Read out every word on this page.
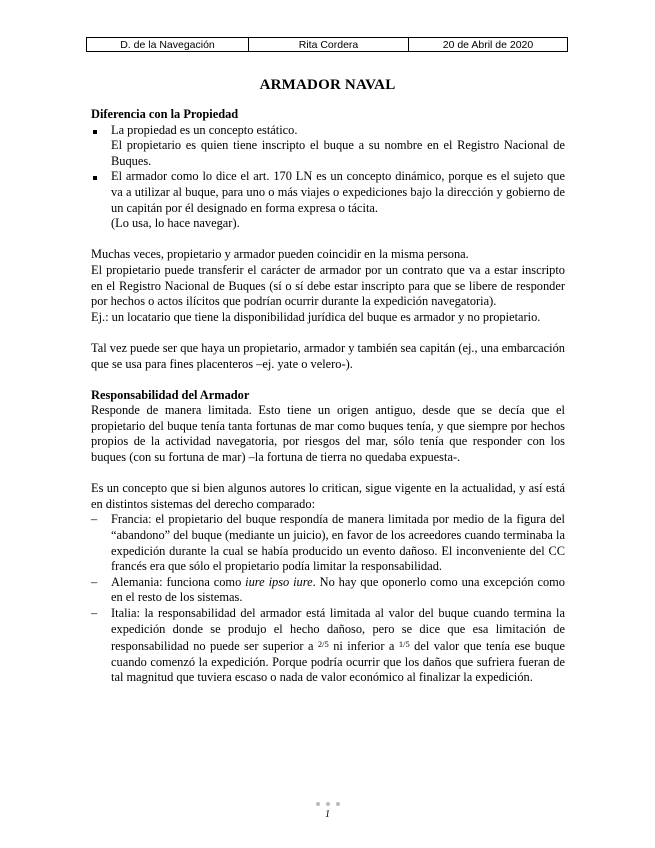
D. de la Navegación	Rita Cordera	20 de Abril de 2020
ARMADOR NAVAL

Diferencia con la Propiedad

La propiedad es un concepto estático.

El propietario es quien tiene inscripto el buque a su nombre en el Registro Nacional de Buques.

El armador como lo dice el art. 170 LN es un concepto dinámico, porque es el sujeto que va a utilizar al buque, para uno o más viajes o expediciones bajo la dirección y gobierno de un capitán por él designado en forma expresa o tácita.

(Lo usa, lo hace navegar).

Muchas veces, propietario y armador pueden coincidir en la misma persona.

El propietario puede transferir el carácter de armador por un contrato que va a estar inscripto en el Registro Nacional de Buques (sí o sí debe estar inscripto para que se libere de responder por hechos o actos ilícitos que podrían ocurrir durante la expedición navegatoria).

Ej.: un locatario que tiene la disponibilidad jurídica del buque es armador y no propietario.

Tal vez puede ser que haya un propietario, armador y también sea capitán (ej., una embarcación que se usa para fines placenteros –ej. yate o velero-).

Responsabilidad del Armador

Responde de manera limitada. Esto tiene un origen antiguo, desde que se decía que el propietario del buque tenía tanta fortunas de mar como buques tenía, y que siempre por hechos propios de la actividad navegatoria, por riesgos del mar, sólo tenía que responder con los buques (con su fortuna de mar) –la fortuna de tierra no quedaba expuesta-.

Es un concepto que si bien algunos autores lo critican, sigue vigente en la actualidad, y así está en distintos sistemas del derecho comparado:

– Francia: el propietario del buque respondía de manera limitada por medio de la figura del “abandono” del buque (mediante un juicio), en favor de los acreedores cuando terminaba la expedición durante la cual se había producido un evento dañoso. El inconveniente del CC francés era que sólo el propietario podía limitar la responsabilidad.

– Alemania: funciona como iure ipso iure. No hay que oponerlo como una excepción como en el resto de los sistemas.

– Italia: la responsabilidad del armador está limitada al valor del buque cuando termina la expedición donde se produjo el hecho dañoso, pero se dice que esa limitación de responsabilidad no puede ser superior a $^{2/5}$ ni inferior a $^{1/5}$ del valor que tenía ese buque cuando comenzó la expedición. Porque podría ocurrir que los daños que sufriera fueran de tal magnitud que tuviera escaso o nada de valor económico al finalizar la expedición.

1
